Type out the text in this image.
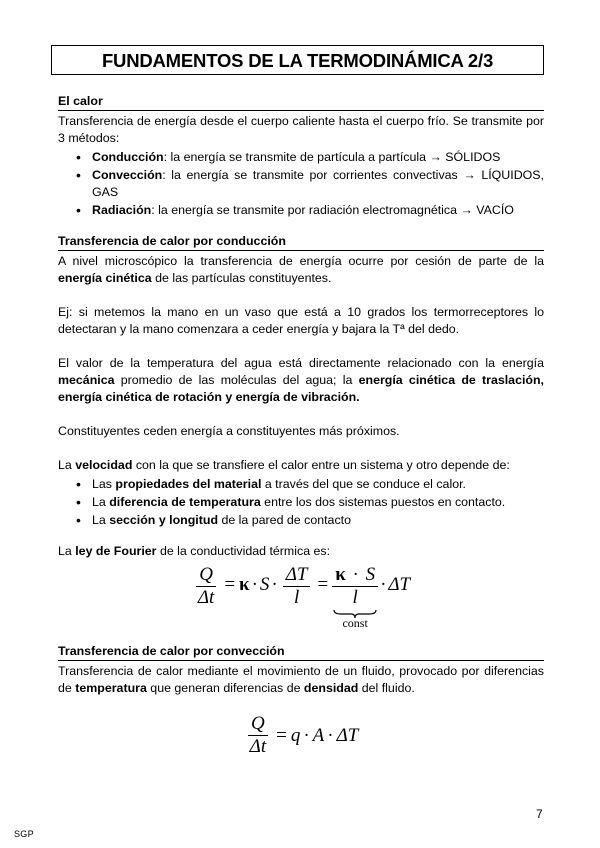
FUNDAMENTOS DE LA TERMODINÁMICA 2/3
El calor

Transferencia de energía desde el cuerpo caliente hasta el cuerpo frío. Se transmite por 3 métodos:

• Conducción: la energía se transmite de partícula a partícula → SÓLIDOS
• Convección: la energía se transmite por corrientes convectivas → LÍQUIDOS, GAS
• Radiación: la energía se transmite por radiación electromagnética → VACÍO
Transferencia de calor por conducción

A nivel microscópico la transferencia de energía ocurre por cesión de parte de la energía cinética de las partículas constituyentes.

Ej: si metemos la mano en un vaso que está a 10 grados los termorreceptores lo detectaran y la mano comenzara a ceder energía y bajara la Tª del dedo.

El valor de la temperatura del agua está directamente relacionado con la energía mecánica promedio de las moléculas del agua; la energía cinética de traslación, energía cinética de rotación y energía de vibración.

Constituyentes ceden energía a constituyentes más próximos.

La velocidad con la que se transfiere el calor entre un sistema y otro depende de:

• Las propiedades del material a través del que se conduce el calor.
• La diferencia de temperatura entre los dos sistemas puestos en contacto.
• La sección y longitud de la pared de contacto

La ley de Fourier de la conductividad térmica es:

$\frac{Q}{\Delta t} = \kappa \cdot S \cdot \frac{\Delta T}{l} = \frac{\kappa \cdot S}{l}$
const
· ΔT
Transferencia de calor por convección

Transferencia de calor mediante el movimiento de un fluido, provocado por diferencias de temperatura que generan diferencias de densidad del fluido.

$\frac{Q}{\Delta t} = q \cdot A \cdot \Delta T$
7
SGP
